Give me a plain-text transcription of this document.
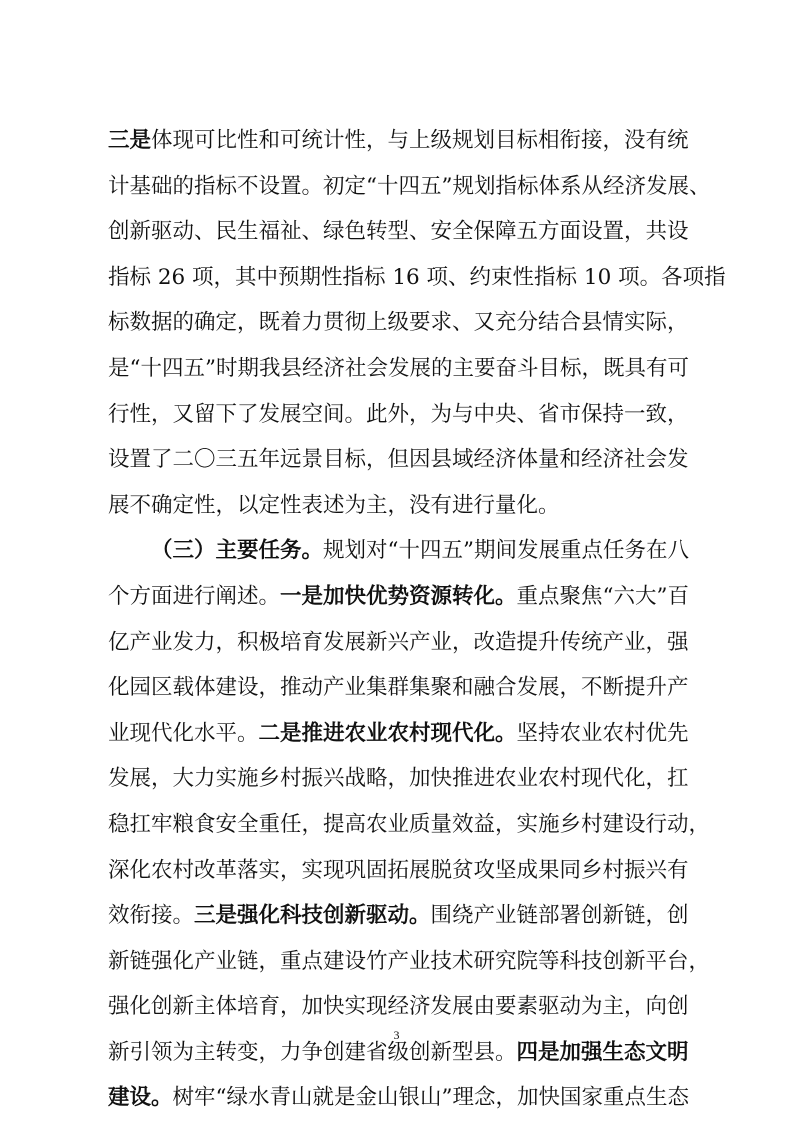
三是体现可比性和可统计性，与上级规划目标相衔接，没有统
计基础的指标不设置。初定“十四五”规划指标体系从经济发展、
创新驱动、民生福祉、绿色转型、安全保障五方面设置，共设
指标 26 项，其中预期性指标 16 项、约束性指标 10 项。各项指
标数据的确定，既着力贯彻上级要求、又充分结合县情实际，
是“十四五”时期我县经济社会发展的主要奋斗目标，既具有可
行性，又留下了发展空间。此外，为与中央、省市保持一致，
设置了二〇三五年远景目标，但因县域经济体量和经济社会发
展不确定性，以定性表述为主，没有进行量化。
（三）主要任务。规划对“十四五”期间发展重点任务在八
个方面进行阐述。一是加快优势资源转化。重点聚焦“六大”百
亿产业发力，积极培育发展新兴产业，改造提升传统产业，强
化园区载体建设，推动产业集群集聚和融合发展，不断提升产
业现代化水平。二是推进农业农村现代化。坚持农业农村优先
发展，大力实施乡村振兴战略，加快推进农业农村现代化，扛
稳扛牢粮食安全重任，提高农业质量效益，实施乡村建设行动，
深化农村改革落实，实现巩固拓展脱贫攻坚成果同乡村振兴有
效衔接。三是强化科技创新驱动。围绕产业链部署创新链，创
新链强化产业链，重点建设竹产业技术研究院等科技创新平台，
强化创新主体培育，加快实现经济发展由要素驱动为主，向创
新引领为主转变，力争创建省级创新型县。四是加强生态文明
建设。树牢“绿水青山就是金山银山”理念，加快国家重点生态
3
